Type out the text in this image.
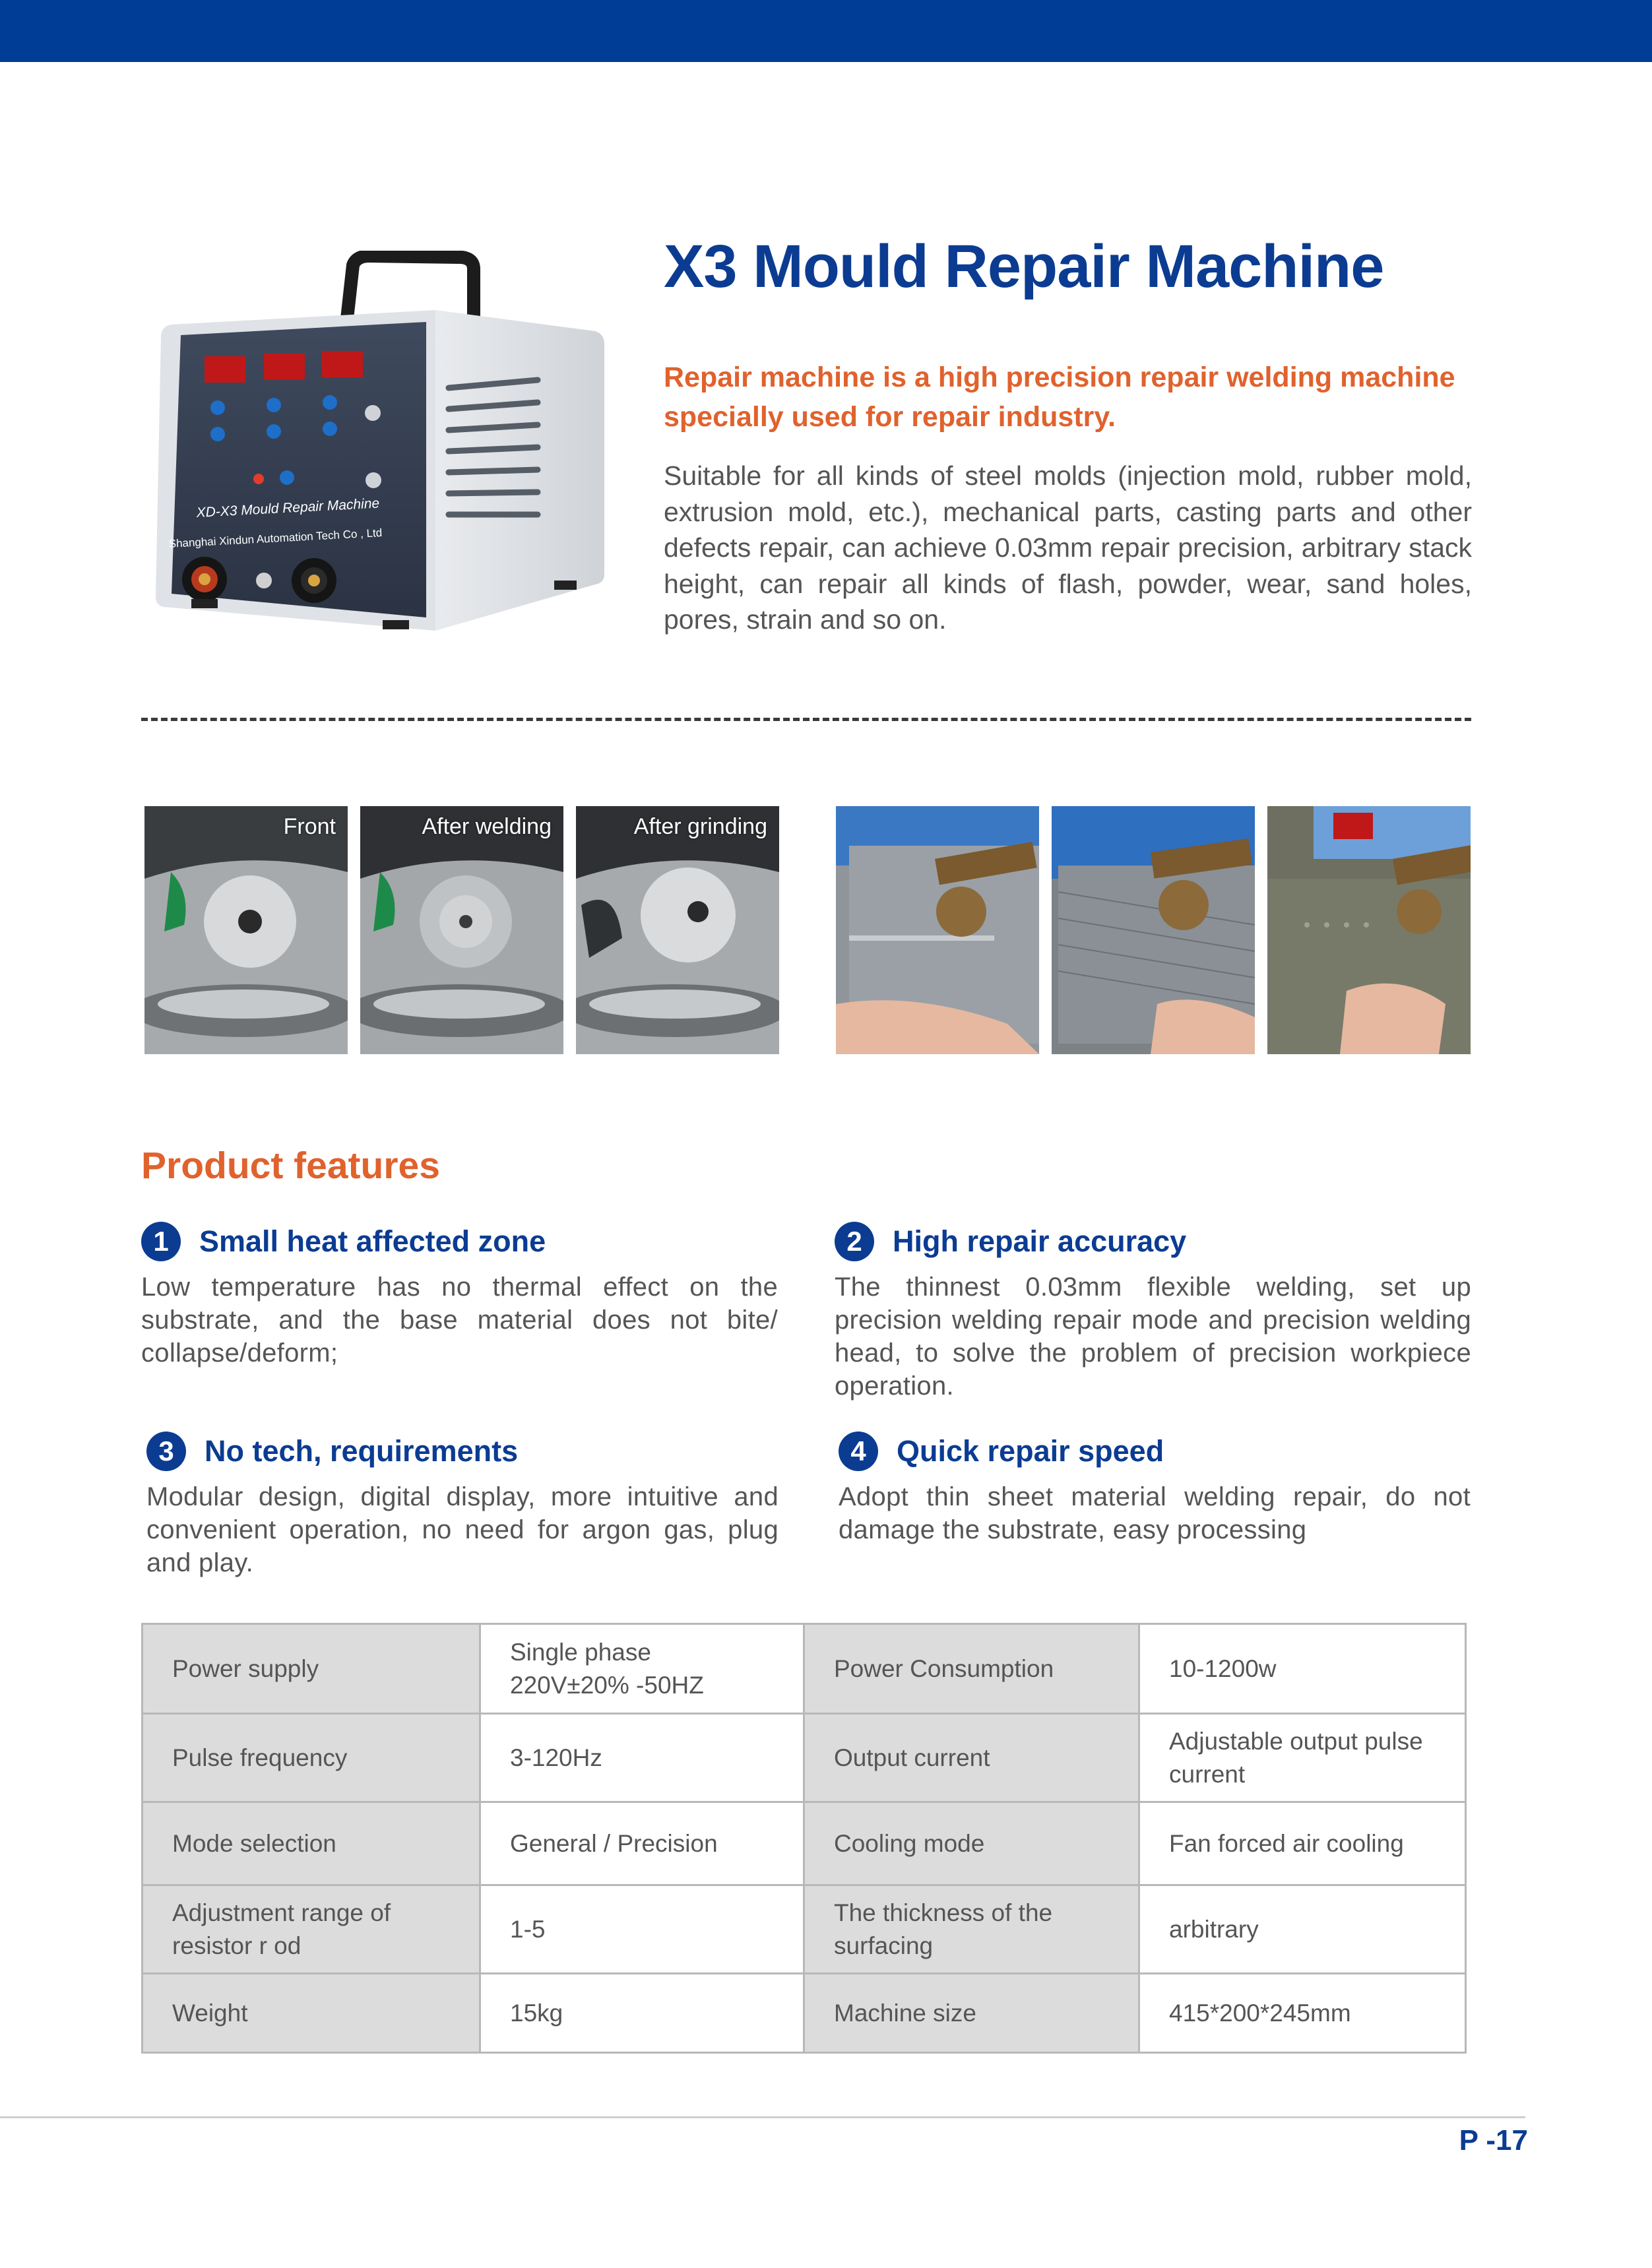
XD-X3 Mould Repair Machine
Shanghai Xindun Automation Tech Co , Ltd
X3 Mould Repair Machine
Repair machine is a high precision repair welding machine specially used for repair industry.
Suitable for all kinds of steel molds (injection mold, rubber mold, extrusion mold, etc.), mechanical parts, casting parts and other defects repair, can achieve 0.03mm repair precision, arbitrary stack height, can repair all kinds of flash, powder, wear, sand holes, pores, strain and so on.
Front	After welding	After grinding
Product features
1	Small heat affected zone
Low temperature has no thermal effect on the substrate, and the base material does not bite/ collapse/deform;
2	High repair accuracy
The thinnest 0.03mm flexible welding, set up precision welding repair mode and precision welding head, to solve the problem of precision workpiece operation.
3	No tech, requirements
Modular design, digital display, more intuitive and convenient operation, no need for argon gas, plug and play.
4	Quick repair speed
Adopt thin sheet material welding repair, do not damage the substrate, easy processing
Power supply	Single phase 220V±20% -50HZ	Power Consumption	10-1200w
Pulse frequency	3-120Hz	Output current	Adjustable output pulse current
Mode selection	General / Precision	Cooling mode	Fan forced air cooling
Adjustment range of resistor r od	1-5	The thickness of the surfacing	arbitrary
Weight	15kg	Machine size	415*200*245mm
P -17
